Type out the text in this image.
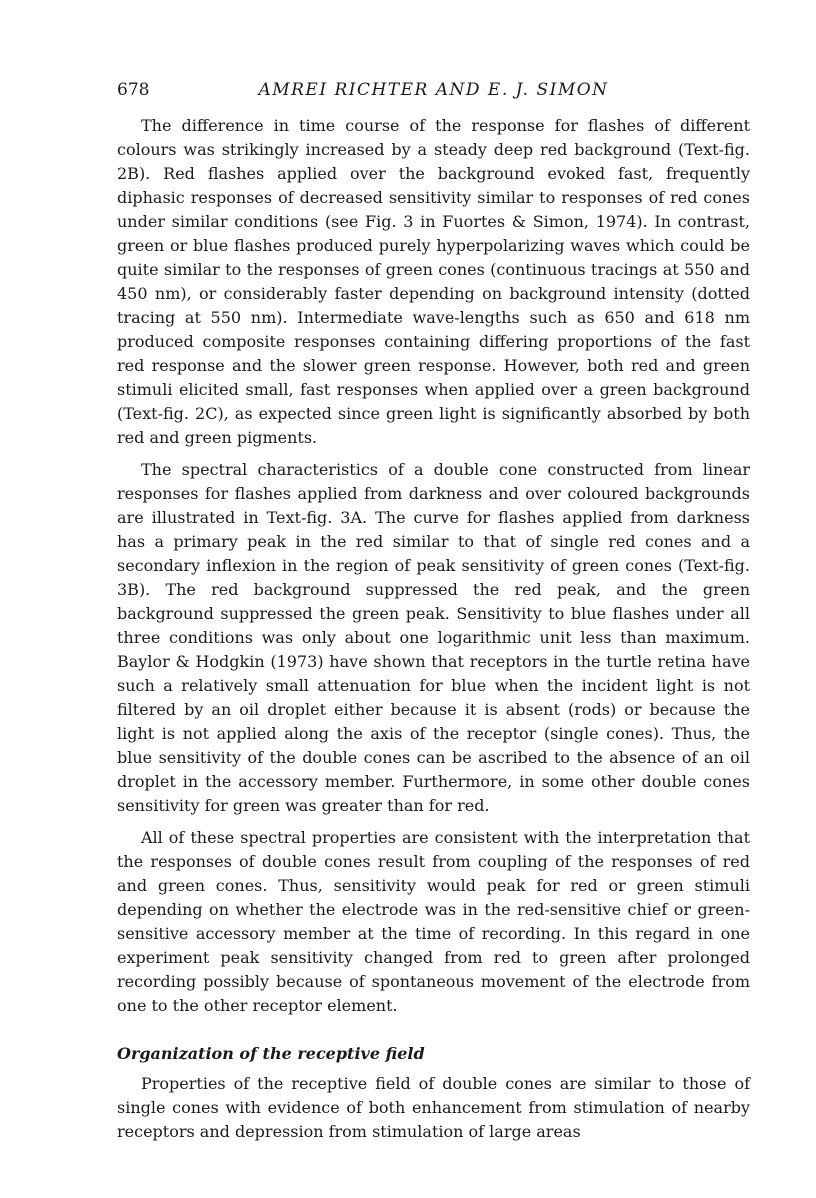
678	AMREI RICHTER AND E. J. SIMON

The difference in time course of the response for flashes of different colours was strikingly increased by a steady deep red background (Text-fig. 2B). Red flashes applied over the background evoked fast, frequently diphasic responses of decreased sensitivity similar to responses of red cones under similar conditions (see Fig. 3 in Fuortes & Simon, 1974). In contrast, green or blue flashes produced purely hyperpolarizing waves which could be quite similar to the responses of green cones (continuous tracings at 550 and 450 nm), or considerably faster depending on background intensity (dotted tracing at 550 nm). Intermediate wave-lengths such as 650 and 618 nm produced composite responses containing differing proportions of the fast red response and the slower green response. However, both red and green stimuli elicited small, fast responses when applied over a green background (Text-fig. 2C), as expected since green light is significantly absorbed by both red and green pigments.

The spectral characteristics of a double cone constructed from linear responses for flashes applied from darkness and over coloured backgrounds are illustrated in Text-fig. 3A. The curve for flashes applied from darkness has a primary peak in the red similar to that of single red cones and a secondary inflexion in the region of peak sensitivity of green cones (Text-fig. 3B). The red background suppressed the red peak, and the green background suppressed the green peak. Sensitivity to blue flashes under all three conditions was only about one logarithmic unit less than maximum. Baylor & Hodgkin (1973) have shown that receptors in the turtle retina have such a relatively small attenuation for blue when the incident light is not filtered by an oil droplet either because it is absent (rods) or because the light is not applied along the axis of the receptor (single cones). Thus, the blue sensitivity of the double cones can be ascribed to the absence of an oil droplet in the accessory member. Furthermore, in some other double cones sensitivity for green was greater than for red.

All of these spectral properties are consistent with the interpretation that the responses of double cones result from coupling of the responses of red and green cones. Thus, sensitivity would peak for red or green stimuli depending on whether the electrode was in the red-sensitive chief or green-sensitive accessory member at the time of recording. In this regard in one experiment peak sensitivity changed from red to green after prolonged recording possibly because of spontaneous movement of the electrode from one to the other receptor element.

Organization of the receptive field

Properties of the receptive field of double cones are similar to those of single cones with evidence of both enhancement from stimulation of nearby receptors and depression from stimulation of large areas
